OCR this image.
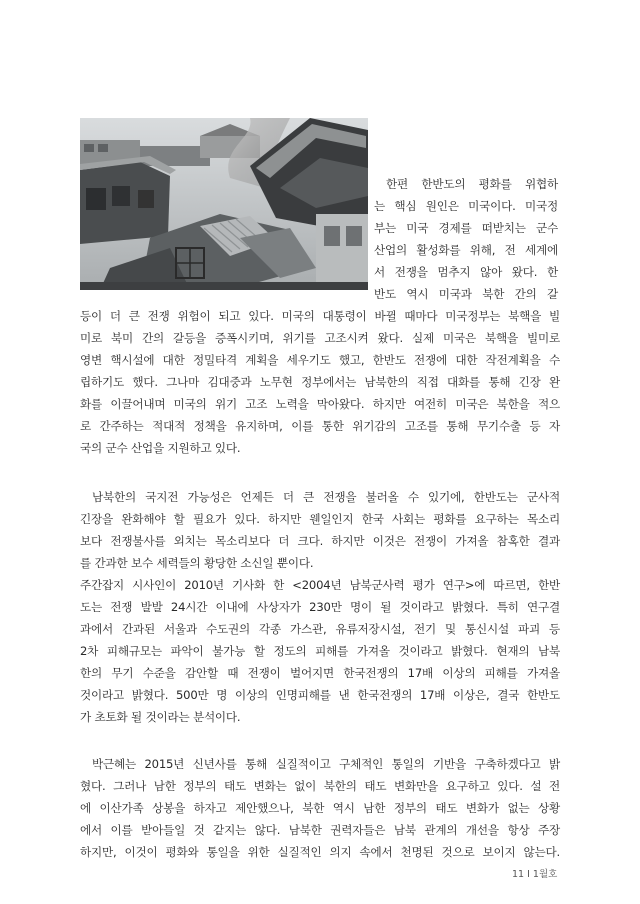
한편 한반도의 평화를 위협하
는 핵심 원인은 미국이다. 미국정
부는 미국 경제를 떠받치는 군수
산업의 활성화를 위해, 전 세계에
서 전쟁을 멈추지 않아 왔다. 한
반도 역시 미국과 북한 간의 갈
등이 더 큰 전쟁 위험이 되고 있다. 미국의 대통령이 바뀔 때마다 미국정부는 북핵을 빌
미로 북미 간의 갈등을 증폭시키며, 위기를 고조시켜 왔다. 실제 미국은 북핵을 빌미로
영변 핵시설에 대한 정밀타격 계획을 세우기도 했고, 한반도 전쟁에 대한 작전계획을 수
립하기도 했다. 그나마 김대중과 노무현 정부에서는 남북한의 직접 대화를 통해 긴장 완
화를 이끌어내며 미국의 위기 고조 노력을 막아왔다. 하지만 여전히 미국은 북한을 적으
로 간주하는 적대적 정책을 유지하며, 이를 통한 위기감의 고조를 통해 무기수출 등 자
국의 군수 산업을 지원하고 있다.
남북한의 국지전 가능성은 언제든 더 큰 전쟁을 불러올 수 있기에, 한반도는 군사적
긴장을 완화해야 할 필요가 있다. 하지만 웬일인지 한국 사회는 평화를 요구하는 목소리
보다 전쟁불사를 외치는 목소리보다 더 크다. 하지만 이것은 전쟁이 가져올 참혹한 결과
를 간과한 보수 세력들의 황당한 소신일 뿐이다.
주간잡지 시사인이 2010년 기사화 한 <2004년 남북군사력 평가 연구>에 따르면, 한반
도는 전쟁 발발 24시간 이내에 사상자가 230만 명이 될 것이라고 밝혔다. 특히 연구결
과에서 간과된 서울과 수도권의 각종 가스관, 유류저장시설, 전기 및 통신시설 파괴 등
2차 피해규모는 파악이 불가능 할 정도의 피해를 가져올 것이라고 밝혔다. 현재의 남북
한의 무기 수준을 감안할 때 전쟁이 벌어지면 한국전쟁의 17배 이상의 피해를 가져올
것이라고 밝혔다. 500만 명 이상의 인명피해를 낸 한국전쟁의 17배 이상은, 결국 한반도
가 초토화 될 것이라는 분석이다.
박근혜는 2015년 신년사를 통해 실질적이고 구체적인 통일의 기반을 구축하겠다고 밝
혔다. 그러나 남한 정부의 태도 변화는 없이 북한의 태도 변화만을 요구하고 있다. 설 전
에 이산가족 상봉을 하자고 제안했으나, 북한 역시 남한 정부의 태도 변화가 없는 상황
에서 이를 받아들일 것 같지는 않다. 남북한 권력자들은 남북 관계의 개선을 항상 주장
하지만, 이것이 평화와 통일을 위한 실질적인 의지 속에서 천명된 것으로 보이지 않는다.
11 I 1월호
